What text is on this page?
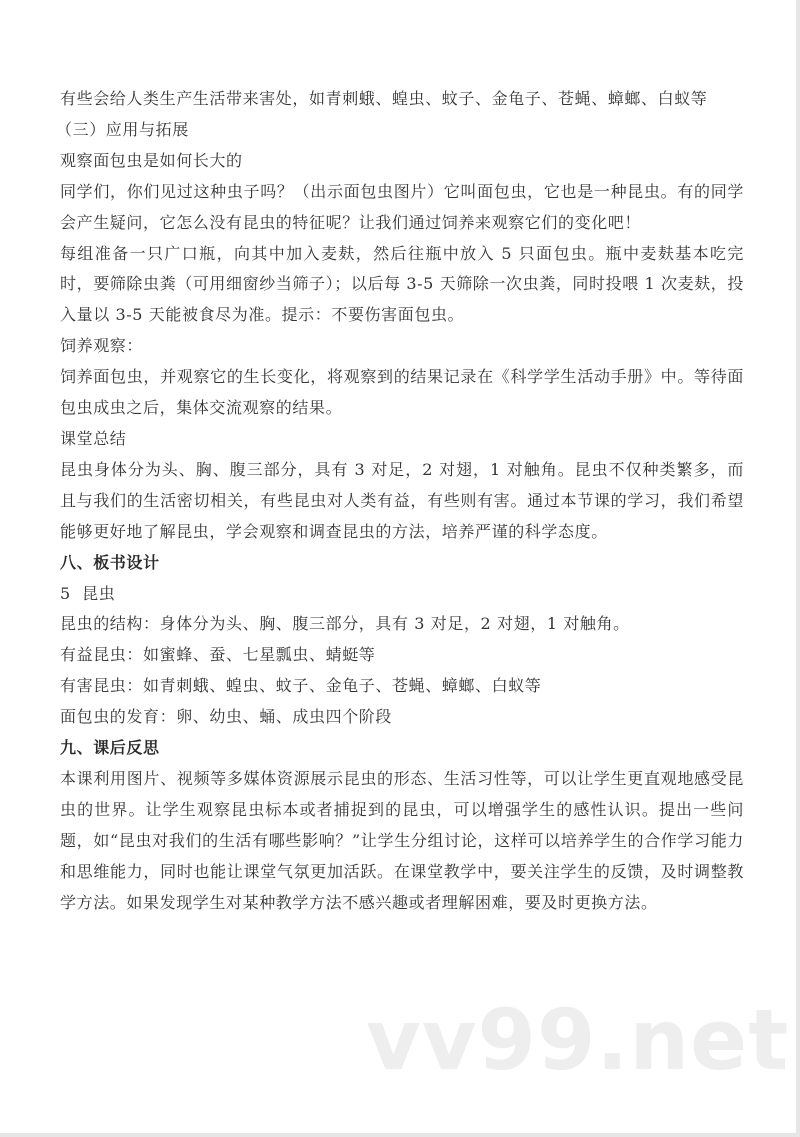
有些会给人类生产生活带来害处，如青刺蛾、蝗虫、蚊子、金龟子、苍蝇、蟑螂、白蚁等

（三）应用与拓展

观察面包虫是如何长大的

同学们，你们见过这种虫子吗？（出示面包虫图片）它叫面包虫，它也是一种昆虫。有的同学会产生疑问，它怎么没有昆虫的特征呢？让我们通过饲养来观察它们的变化吧！

每组准备一只广口瓶，向其中加入麦麸，然后往瓶中放入 5 只面包虫。瓶中麦麸基本吃完时，要筛除虫粪（可用细窗纱当筛子）；以后每 3-5 天筛除一次虫粪，同时投喂 1 次麦麸，投入量以 3-5 天能被食尽为准。提示：不要伤害面包虫。

饲养观察：

饲养面包虫，并观察它的生长变化，将观察到的结果记录在《科学学生活动手册》中。等待面包虫成虫之后，集体交流观察的结果。

课堂总结

昆虫身体分为头、胸、腹三部分，具有 3 对足，2 对翅，1 对触角。昆虫不仅种类繁多，而且与我们的生活密切相关，有些昆虫对人类有益，有些则有害。通过本节课的学习，我们希望能够更好地了解昆虫，学会观察和调查昆虫的方法，培养严谨的科学态度。

八、板书设计

5  昆虫

昆虫的结构：身体分为头、胸、腹三部分，具有 3 对足，2 对翅，1 对触角。

有益昆虫：如蜜蜂、蚕、七星瓢虫、蜻蜓等

有害昆虫：如青刺蛾、蝗虫、蚊子、金龟子、苍蝇、蟑螂、白蚁等

面包虫的发育：卵、幼虫、蛹、成虫四个阶段

九、课后反思

本课利用图片、视频等多媒体资源展示昆虫的形态、生活习性等，可以让学生更直观地感受昆虫的世界。让学生观察昆虫标本或者捕捉到的昆虫，可以增强学生的感性认识。提出一些问题，如“昆虫对我们的生活有哪些影响？”让学生分组讨论，这样可以培养学生的合作学习能力和思维能力，同时也能让课堂气氛更加活跃。在课堂教学中，要关注学生的反馈，及时调整教学方法。如果发现学生对某种教学方法不感兴趣或者理解困难，要及时更换方法。

vv99.net
